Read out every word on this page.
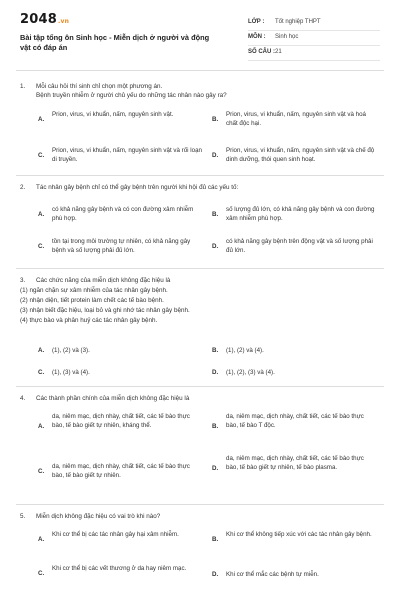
2048.vn
Bài tập tổng ôn Sinh học - Miễn dịch ở người và động vật có đáp án
LỚP : Tốt nghiệp THPT
MÔN : Sinh học
SỐ CÂU : 21
1. Mỗi câu hỏi thí sinh chỉ chọn một phương án.
Bệnh truyền nhiễm ở người chủ yếu do những tác nhân nào gây ra?
A.
Prion, virus, vi khuẩn, nấm, nguyên sinh vật.
B.
Prion, virus, vi khuẩn, nấm, nguyên sinh vật và hoá chất độc hại.
C.
Prion, virus, vi khuẩn, nấm, nguyên sinh vật và rối loạn di truyền.
D.
Prion, virus, vi khuẩn, nấm, nguyên sinh vật và chế độ dinh dưỡng, thói quen sinh hoạt.
2. Tác nhân gây bệnh chỉ có thể gây bệnh trên người khi hội đủ các yếu tố:
A.
có khả năng gây bệnh và có con đường xâm nhiễm phù hợp.
B.
số lượng đủ lớn, có khả năng gây bệnh và con đường xâm nhiễm phù hợp.
C.
tồn tại trong môi trường tự nhiên, có khả năng gây bệnh và số lượng phải đủ lớn.
D.
có khả năng gây bệnh trên động vật và số lượng phải đủ lớn.
3. Các chức năng của miễn dịch không đặc hiệu là
(1) ngăn chặn sự xâm nhiễm của tác nhân gây bệnh.
(2) nhận diện, tiết protein làm chết các tế bào bệnh.
(3) nhận biết đặc hiệu, loại bỏ và ghi nhớ tác nhân gây bệnh.
(4) thực bào và phân huỷ các tác nhân gây bệnh.
A. (1), (2) và (3).	B. (1), (2) và (4).
C. (1), (3) và (4).	D. (1), (2), (3) và (4).
4. Các thành phần chính của miễn dịch không đặc hiệu là
A.
da, niêm mạc, dịch nhày, chất tiết, các tế bào thực bào, tế bào giết tự nhiên, kháng thể.	B.
da, niêm mạc, dịch nhày, chất tiết, các tế bào thực bào, tế bào T độc.
C.
da, niêm mạc, dịch nhày, chất tiết, các tế bào thực bào, tế bào giết tự nhiên.
D.
da, niêm mạc, dịch nhày, chất tiết, các tế bào thực bào, tế bào giết tự nhiên, tế bào plasma.
5. Miễn dịch không đặc hiệu có vai trò khi nào?
A.
Khi cơ thể bị các tác nhân gây hại xâm nhiễm.
B.
Khi cơ thể không tiếp xúc với các tác nhân gây bệnh.
C.
Khi cơ thể bị các vết thương ở da hay niêm mạc.
D. Khi cơ thể mắc các bệnh tự miễn.
